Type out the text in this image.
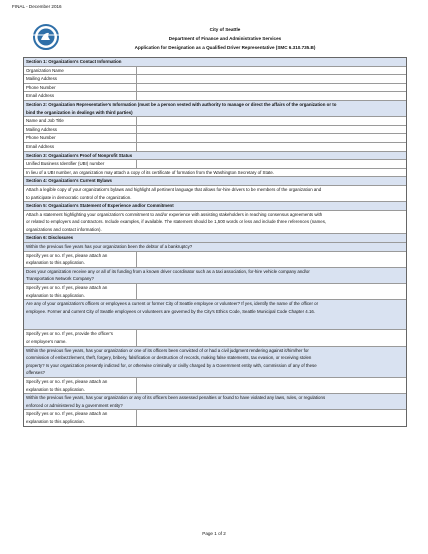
FINAL - December 2016
City of Seattle
Department of Finance and Administrative Services
Application for Designation as a Qualified Driver Representative (SMC 6.310.735.B)
Section 1: Organization's Contact Information
Organization Name
Mailing Address
Phone Number
Email Address
Section 2: Organization Representative's Information (must be a person vested with authority to manage or direct the affairs of the organization or to
bind the organization in dealings with third parties)
Name and Job Title
Mailing Address
Phone Number
Email Address
Section 3: Organization's Proof of Nonprofit Status
Unified Business Identifier (UBI) number
In lieu of a UBI number, an organization may attach a copy of its certificate of formation from the Washington Secretary of State.
Section 4: Organization's Current Bylaws
Attach a legible copy of your organization's bylaws and highlight all pertinent language that allows for-hire drivers to be members of the organization and
to participate in democratic control of the organization.
Section 5: Organization's Statement of Experience and/or Commitment
Attach a statement highlighting your organization's commitment to and/or experience with assisting stakeholders in reaching consensus agreements with
or related to employers and contractors. Include examples, if available. The statement should be 1,500 words or less and include three references (names,
organizations and contact information).
Section 6: Disclosures
Within the previous five years has your organization been the debtor of a bankruptcy?
Specify yes or no. If yes, please attach an
explanation to this application.
Does your organization receive any or all of its funding from a known driver coordinator such as a taxi association, for-hire vehicle company and/or
Transportation Network Company?
Specify yes or no. If yes, please attach an
explanation to this application.
Are any of your organization's officers or employees a current or former City of Seattle employee or volunteer? If yes, identify the name of the officer or
employee. Former and current City of Seattle employees or volunteers are governed by the City's Ethics Code, Seattle Municipal Code Chapter 4.16.
Specify yes or no. If yes, provide the officer's
or employee's name.
Within the previous five years, has your organization or one of its officers been convicted of or had a civil judgment rendering against it/him/her for
commission of embezzlement, theft, forgery, bribery, falsification or destruction of records, making false statements, tax evasion, or receiving stolen
property? Is your organization presently indicted for, or otherwise criminally or civilly charged by a Government entity with, commission of any of these
offenses?
Specify yes or no. If yes, please attach an
explanation to this application.
Within the previous five years, has your organization or any of its officers been assessed penalties or found to have violated any laws, rules, or regulations
enforced or administered by a government entity?
Specify yes or no. If yes, please attach an
explanation to this application.
Page 1 of 2
